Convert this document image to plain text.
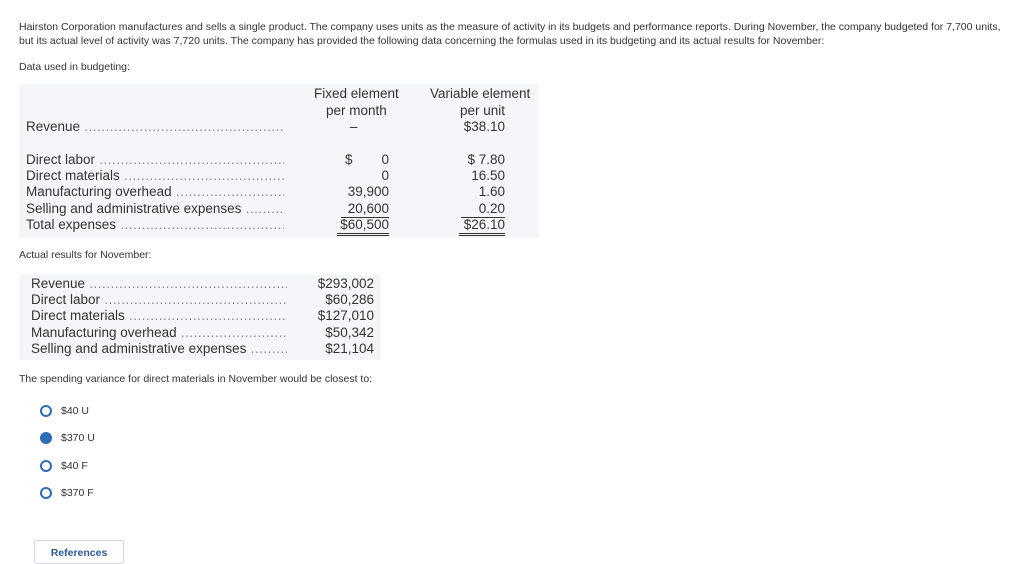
Hairston Corporation manufactures and sells a single product. The company uses units as the measure of activity in its budgets and performance reports. During November, the company budgeted for 7,700 units, but its actual level of activity was 7,720 units. The company has provided the following data concerning the formulas used in its budgeting and its actual results for November:
Data used in budgeting:
Fixed element
per month
Variable element
per unit
Revenue .....	–	$38.10
Direct labor .....	$	0	$ 7.80
Direct materials .....	0	16.50
Manufacturing overhead .....	39,900	1.60
Selling and administrative expenses .....	20,600	0.20
Total expenses .....	$60,500	$26.10
Actual results for November:
Revenue .....	$293,002
Direct labor .....	$60,286
Direct materials .....	$127,010
Manufacturing overhead .....	$50,342
Selling and administrative expenses .....	$21,104
The spending variance for direct materials in November would be closest to:
$40 U
$370 U
$40 F
$370 F
References
